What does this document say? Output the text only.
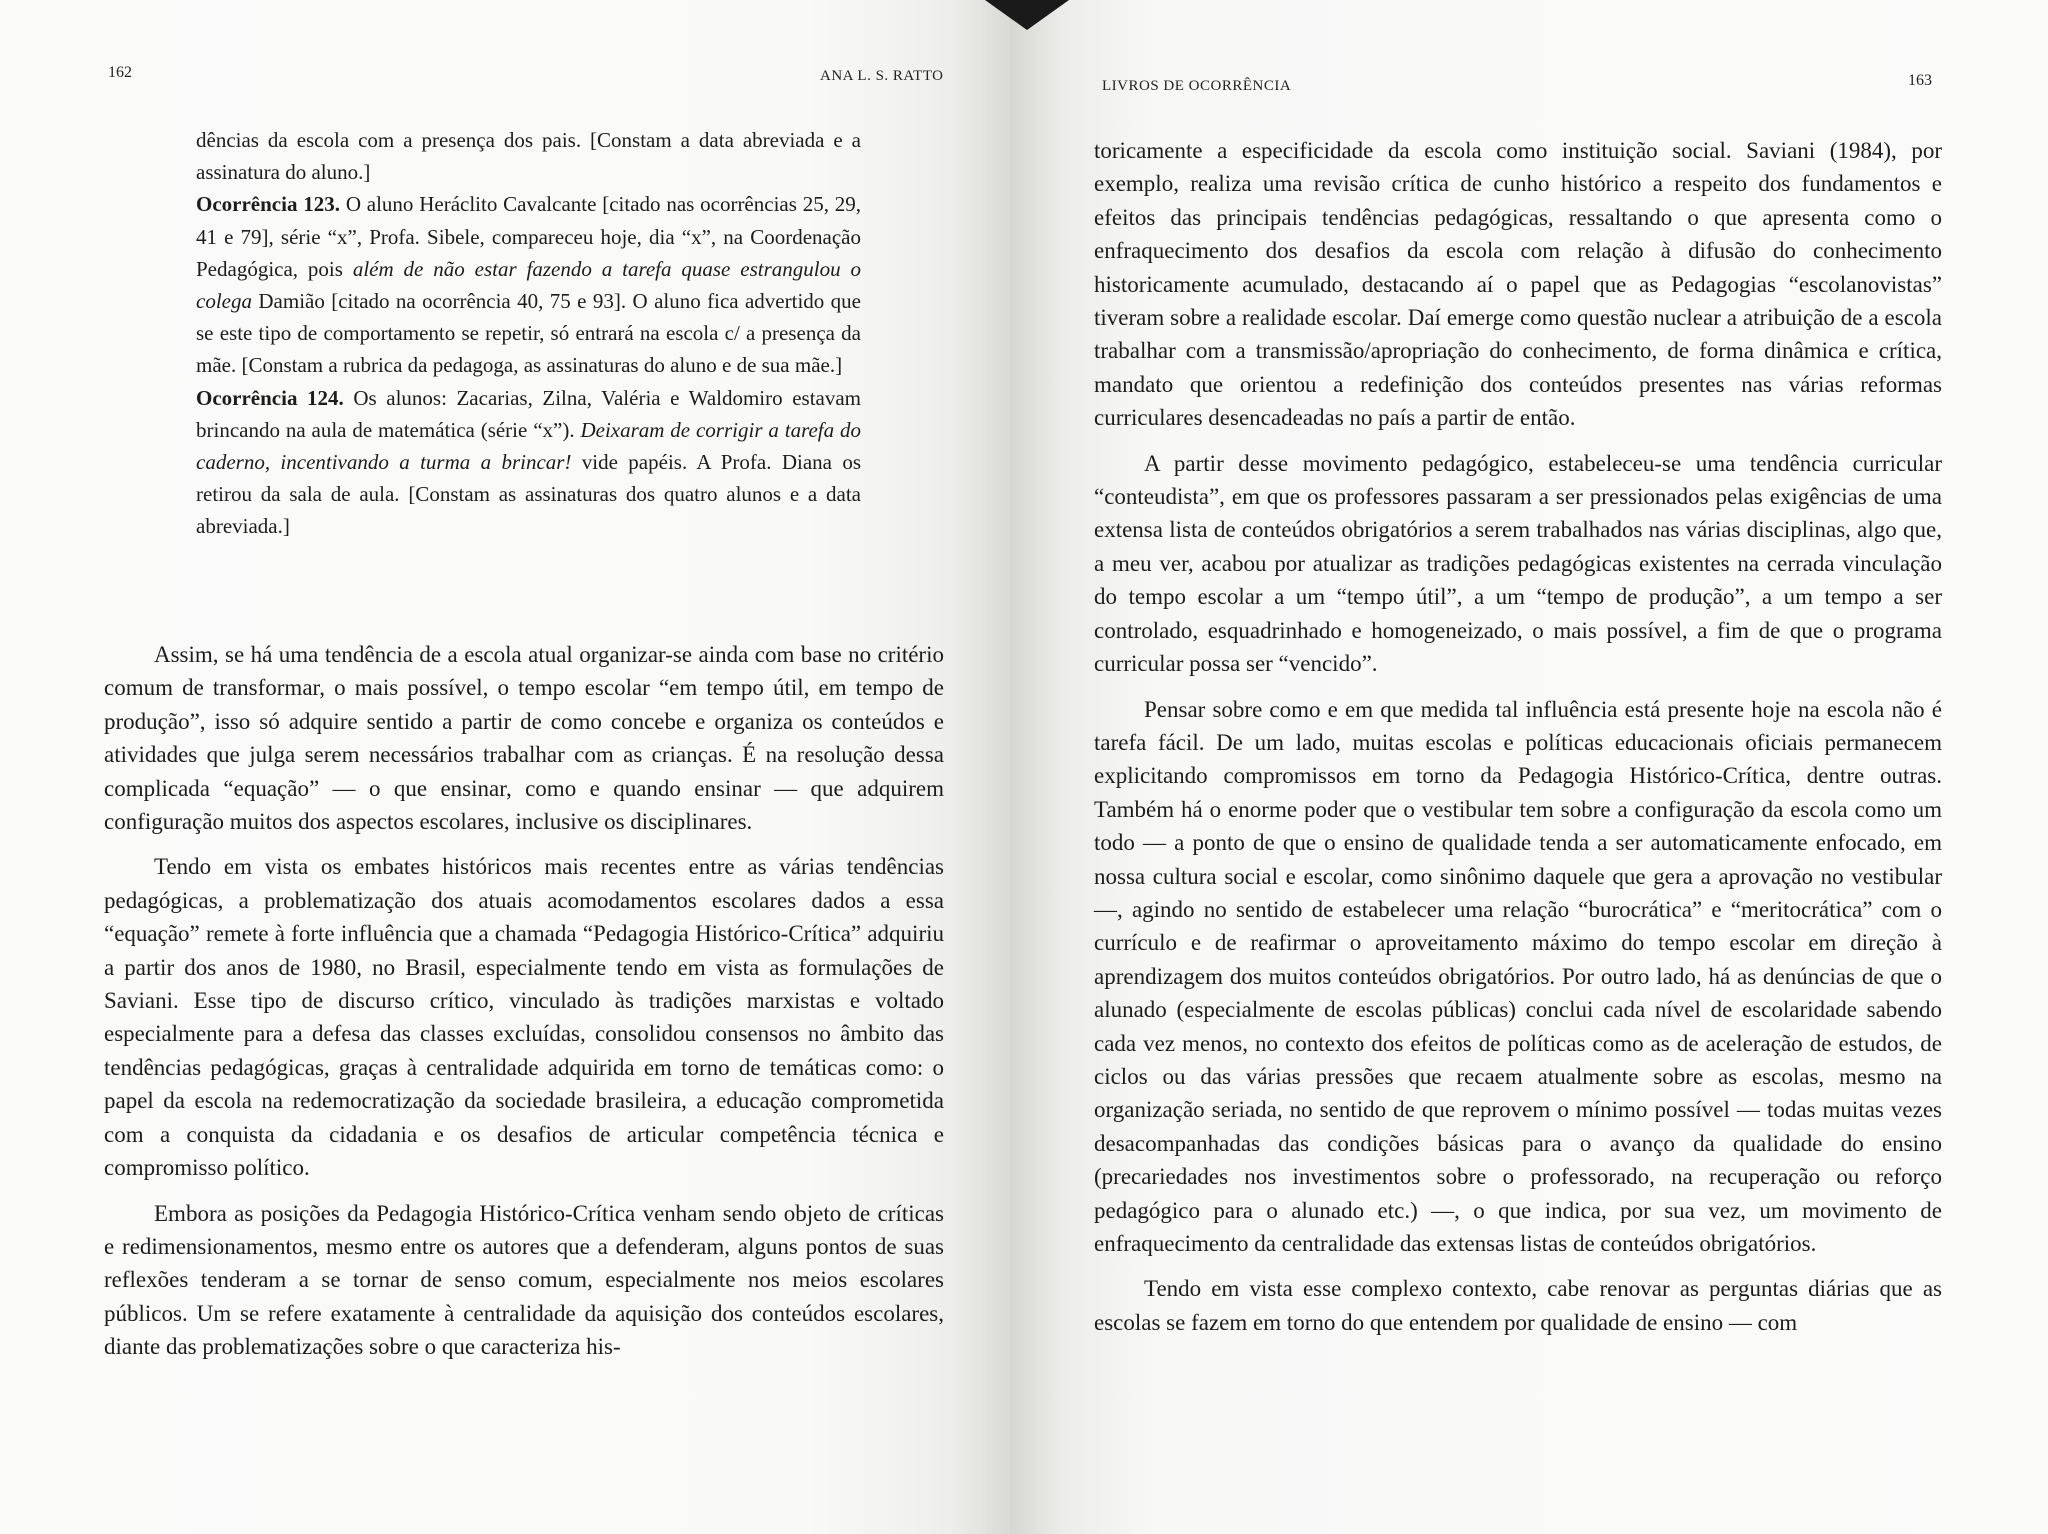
162	ANA L. S. RATTO

dências da escola com a presença dos pais. [Constam a data abreviada e a assinatura do aluno.]

Ocorrência 123. O aluno Heráclito Cavalcante [citado nas ocorrências 25, 29, 41 e 79], série “x”, Profa. Sibele, compareceu hoje, dia “x”, na Coordenação Pedagógica, pois além de não estar fazendo a tarefa quase estrangulou o colega Damião [citado na ocorrência 40, 75 e 93]. O aluno fica advertido que se este tipo de comportamento se repetir, só entrará na escola c/ a presença da mãe. [Constam a rubrica da pedagoga, as assinaturas do aluno e de sua mãe.]

Ocorrência 124. Os alunos: Zacarias, Zilna, Valéria e Waldomiro estavam brincando na aula de matemática (série “x”). Deixaram de corrigir a tarefa do caderno, incentivando a turma a brincar! vide papéis. A Profa. Diana os retirou da sala de aula. [Constam as assinaturas dos quatro alunos e a data abreviada.]

Assim, se há uma tendência de a escola atual organizar-se ainda com base no critério comum de transformar, o mais possível, o tempo escolar “em tempo útil, em tempo de produção”, isso só adquire sentido a partir de como concebe e organiza os conteúdos e atividades que julga serem necessários trabalhar com as crianças. É na resolução dessa complicada “equação” — o que ensinar, como e quando ensinar — que adquirem configuração muitos dos aspectos escolares, inclusive os disciplinares.

Tendo em vista os embates históricos mais recentes entre as várias tendências pedagógicas, a problematização dos atuais acomodamentos escolares dados a essa “equação” remete à forte influência que a chamada “Pedagogia Histórico-Crítica” adquiriu a partir dos anos de 1980, no Brasil, especialmente tendo em vista as formulações de Saviani. Esse tipo de discurso crítico, vinculado às tradições marxistas e voltado especialmente para a defesa das classes excluídas, consolidou consensos no âmbito das tendências pedagógicas, graças à centralidade adquirida em torno de temáticas como: o papel da escola na redemocratização da sociedade brasileira, a educação comprometida com a conquista da cidadania e os desafios de articular competência técnica e compromisso político.

Embora as posições da Pedagogia Histórico-Crítica venham sendo objeto de críticas e redimensionamentos, mesmo entre os autores que a defenderam, alguns pontos de suas reflexões tenderam a se tornar de senso comum, especialmente nos meios escolares públicos. Um se refere exatamente à centralidade da aquisição dos conteúdos escolares, diante das problematizações sobre o que caracteriza his-

LIVROS DE OCORRÊNCIA	163

toricamente a especificidade da escola como instituição social. Saviani (1984), por exemplo, realiza uma revisão crítica de cunho histórico a respeito dos fundamentos e efeitos das principais tendências pedagógicas, ressaltando o que apresenta como o enfraquecimento dos desafios da escola com relação à difusão do conhecimento historicamente acumulado, destacando aí o papel que as Pedagogias “escolanovistas” tiveram sobre a realidade escolar. Daí emerge como questão nuclear a atribuição de a escola trabalhar com a transmissão/apropriação do conhecimento, de forma dinâmica e crítica, mandato que orientou a redefinição dos conteúdos presentes nas várias reformas curriculares desencadeadas no país a partir de então.

A partir desse movimento pedagógico, estabeleceu-se uma tendência curricular “conteudista”, em que os professores passaram a ser pressionados pelas exigências de uma extensa lista de conteúdos obrigatórios a serem trabalhados nas várias disciplinas, algo que, a meu ver, acabou por atualizar as tradições pedagógicas existentes na cerrada vinculação do tempo escolar a um “tempo útil”, a um “tempo de produção”, a um tempo a ser controlado, esquadrinhado e homogeneizado, o mais possível, a fim de que o programa curricular possa ser “vencido”.

Pensar sobre como e em que medida tal influência está presente hoje na escola não é tarefa fácil. De um lado, muitas escolas e políticas educacionais oficiais permanecem explicitando compromissos em torno da Pedagogia Histórico-Crítica, dentre outras. Também há o enorme poder que o vestibular tem sobre a configuração da escola como um todo — a ponto de que o ensino de qualidade tenda a ser automaticamente enfocado, em nossa cultura social e escolar, como sinônimo daquele que gera a aprovação no vestibular —, agindo no sentido de estabelecer uma relação “burocrática” e “meritocrática” com o currículo e de reafirmar o aproveitamento máximo do tempo escolar em direção à aprendizagem dos muitos conteúdos obrigatórios. Por outro lado, há as denúncias de que o alunado (especialmente de escolas públicas) conclui cada nível de escolaridade sabendo cada vez menos, no contexto dos efeitos de políticas como as de aceleração de estudos, de ciclos ou das várias pressões que recaem atualmente sobre as escolas, mesmo na organização seriada, no sentido de que reprovem o mínimo possível — todas muitas vezes desacompanhadas das condições básicas para o avanço da qualidade do ensino (precariedades nos investimentos sobre o professorado, na recuperação ou reforço pedagógico para o alunado etc.) —, o que indica, por sua vez, um movimento de enfraquecimento da centralidade das extensas listas de conteúdos obrigatórios.

Tendo em vista esse complexo contexto, cabe renovar as perguntas diárias que as escolas se fazem em torno do que entendem por qualidade de ensino — com
